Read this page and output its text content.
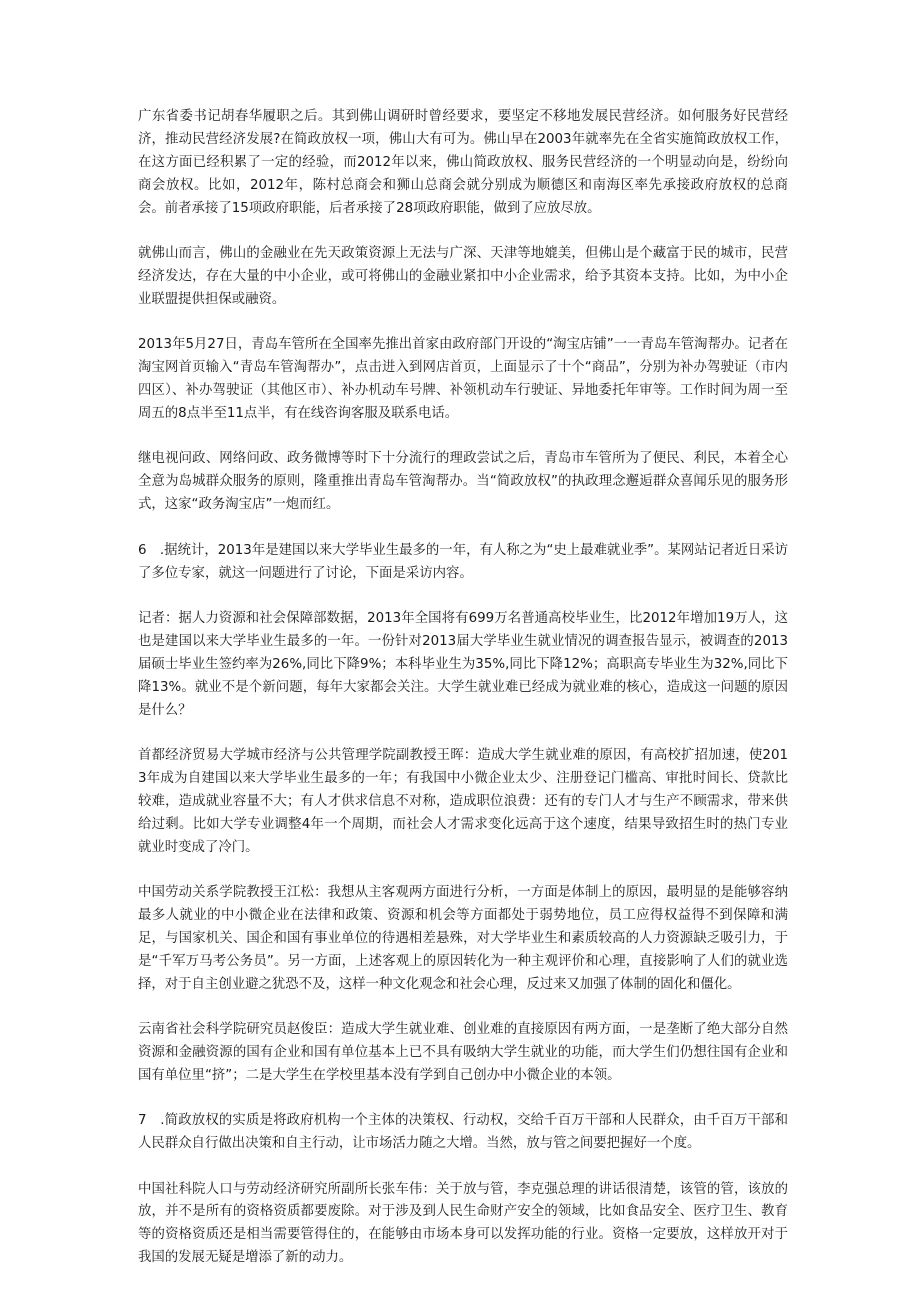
广东省委书记胡春华履职之后。其到佛山调研时曾经要求，要坚定不移地发展民营经济。如何服务好民营经济，推动民营经济发展?在简政放权一项，佛山大有可为。佛山早在2003年就率先在全省实施简政放权工作，在这方面已经积累了一定的经验，而2012年以来，佛山简政放权、服务民营经济的一个明显动向是，纷纷向商会放权。比如，2012年，陈村总商会和狮山总商会就分别成为顺德区和南海区率先承接政府放权的总商会。前者承接了15项政府职能，后者承接了28项政府职能，做到了应放尽放。

就佛山而言，佛山的金融业在先天政策资源上无法与广深、天津等地媲美，但佛山是个藏富于民的城市，民营经济发达，存在大量的中小企业，或可将佛山的金融业紧扣中小企业需求，给予其资本支持。比如，为中小企业联盟提供担保或融资。

2013年5月27日，青岛车管所在全国率先推出首家由政府部门开设的“淘宝店铺”一一青岛车管淘帮办。记者在淘宝网首页输入“青岛车管淘帮办”，点击进入到网店首页，上面显示了十个“商品”，分别为补办驾驶证（市内四区）、补办驾驶证（其他区市）、补办机动车号牌、补领机动车行驶证、异地委托年审等。工作时间为周一至周五的8点半至11点半，有在线咨询客服及联系电话。

继电视问政、网络问政、政务微博等时下十分流行的理政尝试之后，青岛市车管所为了便民、利民，本着全心全意为岛城群众服务的原则，隆重推出青岛车管淘帮办。当“简政放权”的执政理念邂逅群众喜闻乐见的服务形式，这家“政务淘宝店”一炮而红。

6　.据统计，2013年是建国以来大学毕业生最多的一年，有人称之为“史上最难就业季”。某网站记者近日采访了多位专家，就这一问题进行了讨论，下面是采访内容。

记者：据人力资源和社会保障部数据，2013年全国将有699万名普通高校毕业生，比2012年增加19万人，这也是建国以来大学毕业生最多的一年。一份针对2013届大学毕业生就业情况的调查报告显示，被调查的2013届硕士毕业生签约率为26%,同比下降9%；本科毕业生为35%,同比下降12%；高职高专毕业生为32%,同比下降13%。就业不是个新问题，每年大家都会关注。大学生就业难已经成为就业难的核心，造成这一问题的原因是什么？

首都经济贸易大学城市经济与公共管理学院副教授王晖：造成大学生就业难的原因，有高校扩招加速，使2013年成为自建国以来大学毕业生最多的一年；有我国中小微企业太少、注册登记门槛高、审批时间长、贷款比较难，造成就业容量不大；有人才供求信息不对称，造成职位浪费：还有的专门人才与生产不顾需求，带来供给过剩。比如大学专业调整4年一个周期，而社会人才需求变化远高于这个速度，结果导致招生时的热门专业就业时变成了冷门。

中国劳动关系学院教授王江松：我想从主客观两方面进行分析，一方面是体制上的原因，最明显的是能够容纳最多人就业的中小微企业在法律和政策、资源和机会等方面都处于弱势地位，员工应得权益得不到保障和满足，与国家机关、国企和国有事业单位的待遇相差悬殊，对大学毕业生和素质较高的人力资源缺乏吸引力，于是“千军万马考公务员”。另一方面，上述客观上的原因转化为一种主观评价和心理，直接影响了人们的就业选择，对于自主创业避之犹恐不及，这样一种文化观念和社会心理，反过来又加强了体制的固化和僵化。

云南省社会科学院研究员赵俊臣：造成大学生就业难、创业难的直接原因有两方面，一是垄断了绝大部分自然资源和金融资源的国有企业和国有单位基本上已不具有吸纳大学生就业的功能，而大学生们仍想往国有企业和国有单位里“挤”；二是大学生在学校里基本没有学到自己创办中小微企业的本领。

7　.简政放权的实质是将政府机构一个主体的决策权、行动权，交给千百万干部和人民群众，由千百万干部和人民群众自行做出决策和自主行动，让市场活力随之大增。当然，放与管之间要把握好一个度。

中国社科院人口与劳动经济研究所副所长张车伟：关于放与管，李克强总理的讲话很清楚，该管的管，该放的放，并不是所有的资格资质都要废除。对于涉及到人民生命财产安全的领域，比如食品安全、医疗卫生、教育等的资格资质还是相当需要管得住的，在能够由市场本身可以发挥功能的行业。资格一定要放，这样放开对于我国的发展无疑是增添了新的动力。
